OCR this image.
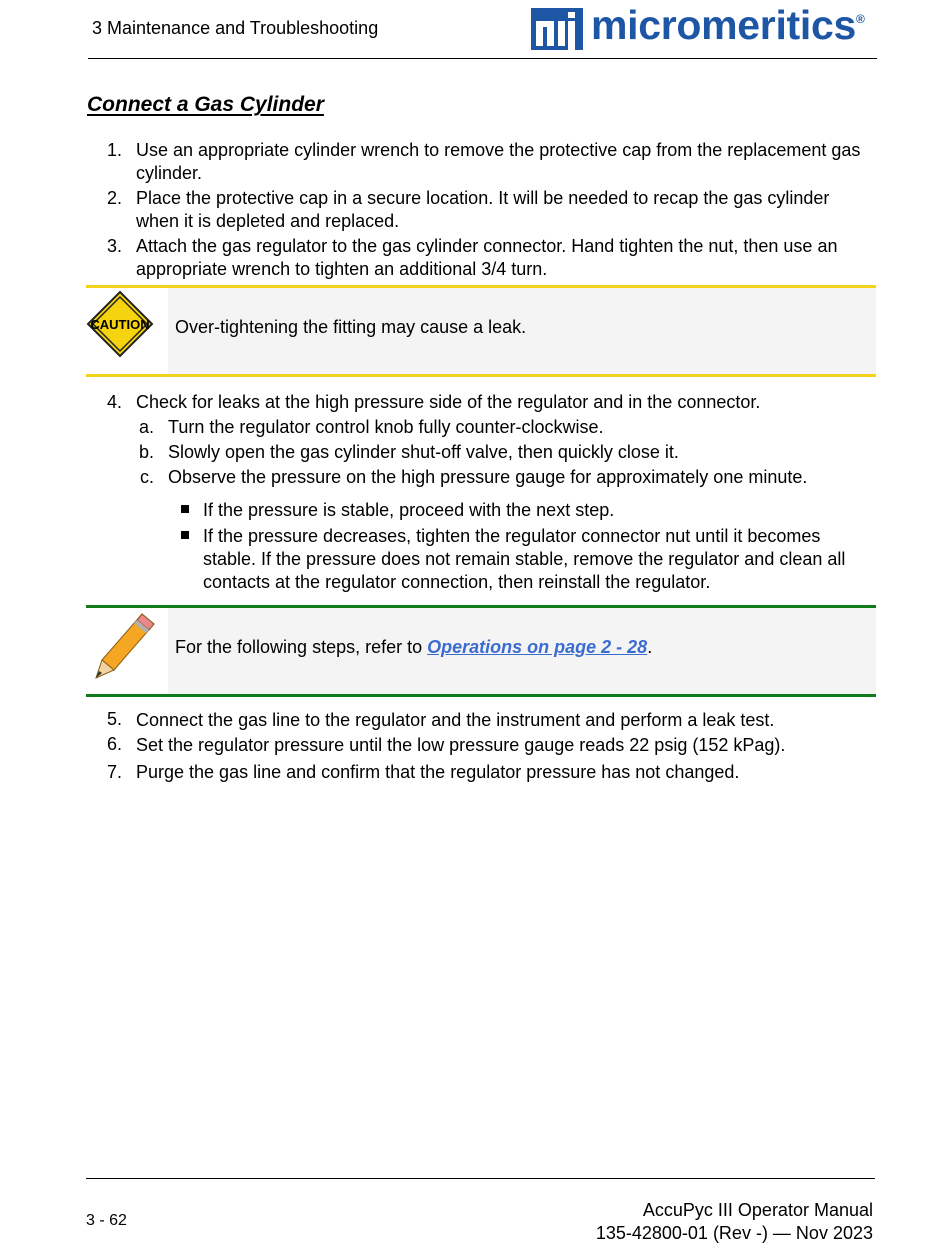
3 Maintenance and Troubleshooting	micromeritics ®
Connect a Gas Cylinder
1. Use an appropriate cylinder wrench to remove the protective cap from the replacement gas
cylinder.
2. Place the protective cap in a secure location. It will be needed to recap the gas cylinder
when it is depleted and replaced.
3. Attach the gas regulator to the gas cylinder connector. Hand tighten the nut, then use an
appropriate wrench to tighten an additional 3/4 turn.
CAUTION Over-tightening the fitting may cause a leak.
4. Check for leaks at the high pressure side of the regulator and in the connector.
a. Turn the regulator control knob fully counter-clockwise.
b. Slowly open the gas cylinder shut-off valve, then quickly close it.
c. Observe the pressure on the high pressure gauge for approximately one minute.
If the pressure is stable, proceed with the next step.
If the pressure decreases, tighten the regulator connector nut until it becomes
stable. If the pressure does not remain stable, remove the regulator and clean all
contacts at the regulator connection, then reinstall the regulator.
For the following steps, refer to Operations on page 2 - 28.
5. Connect the gas line to the regulator and the instrument and perform a leak test.
6. Set the regulator pressure until the low pressure gauge reads 22 psig (152 kPag).
7. Purge the gas line and confirm that the regulator pressure has not changed.
3 - 62
AccuPyc III Operator Manual
135-42800-01 (Rev -) — Nov 2023
